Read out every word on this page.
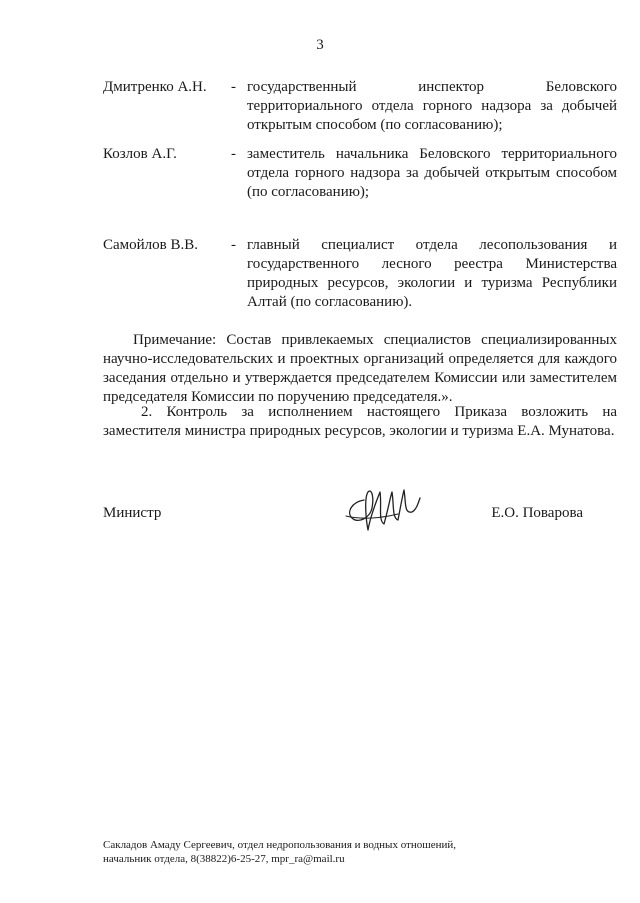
3
Дмитренко А.Н. - государственный инспектор Беловского территориального отдела горного надзора за добычей открытым способом (по согласованию);
Козлов А.Г.	- заместитель начальника Беловского территориального отдела горного надзора за добычей открытым способом (по согласованию);
Самойлов В.В. - главный специалист отдела лесопользования и государственного лесного реестра Министерства природных ресурсов, экологии и туризма Республики Алтай (по согласованию).
Примечание: Состав привлекаемых специалистов специализированных научно-исследовательских и проектных организаций определяется для каждого заседания отдельно и утверждается председателем Комиссии или заместителем председателя Комиссии по поручению председателя.».
2. Контроль за исполнением настоящего Приказа возложить на заместителя министра природных ресурсов, экологии и туризма Е.А. Мунатова.
Министр	Е.О. Поварова
Сакладов Амаду Сергеевич, отдел недропользования и водных отношений,
начальник отдела, 8(38822)6-25-27, mpr_ra@mail.ru
